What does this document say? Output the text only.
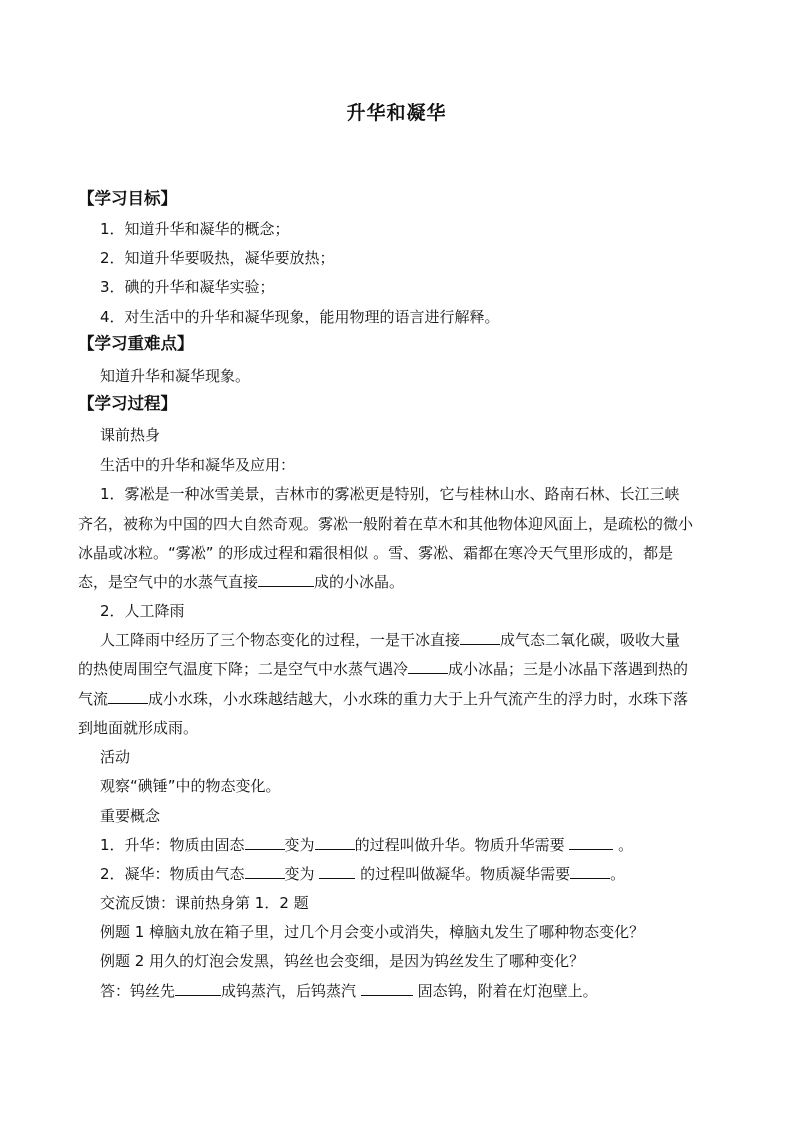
升华和凝华
【学习目标】
1．知道升华和凝华的概念；
2．知道升华要吸热，凝华要放热；
3．碘的升华和凝华实验；
4．对生活中的升华和凝华现象，能用物理的语言进行解释。
【学习重难点】
知道升华和凝华现象。
【学习过程】
课前热身
生活中的升华和凝华及应用：
1．雾凇是一种冰雪美景，吉林市的雾凇更是特别，它与桂林山水、路南石林、长江三峡
齐名，被称为中国的四大自然奇观。雾凇一般附着在草木和其他物体迎风面上，是疏松的微小
冰晶或冰粒。“雾凇” 的形成过程和霜很相似 。雪、雾凇、霜都在寒冷天气里形成的，都是
态，是空气中的水蒸气直接	成的小冰晶。
2．人工降雨
人工降雨中经历了三个物态变化的过程，一是干冰直接	成气态二氧化碳，吸收大量
的热使周围空气温度下降；二是空气中水蒸气遇冷	成小冰晶；三是小冰晶下落遇到热的
气流	成小水珠，小水珠越结越大，小水珠的重力大于上升气流产生的浮力时，水珠下落
到地面就形成雨。
活动
观察“碘锤”中的物态变化。
重要概念
1．升华：物质由固态	变为	的过程叫做升华。物质升华需要	。
2．凝华：物质由气态	变为	的过程叫做凝华。物质凝华需要	。
交流反馈：课前热身第 1．2 题
例题 1 樟脑丸放在箱子里，过几个月会变小或消失，樟脑丸发生了哪种物态变化？
例题 2 用久的灯泡会发黑，钨丝也会变细，是因为钨丝发生了哪种变化？
答：钨丝先	成钨蒸汽，后钨蒸汽	固态钨，附着在灯泡壁上。
